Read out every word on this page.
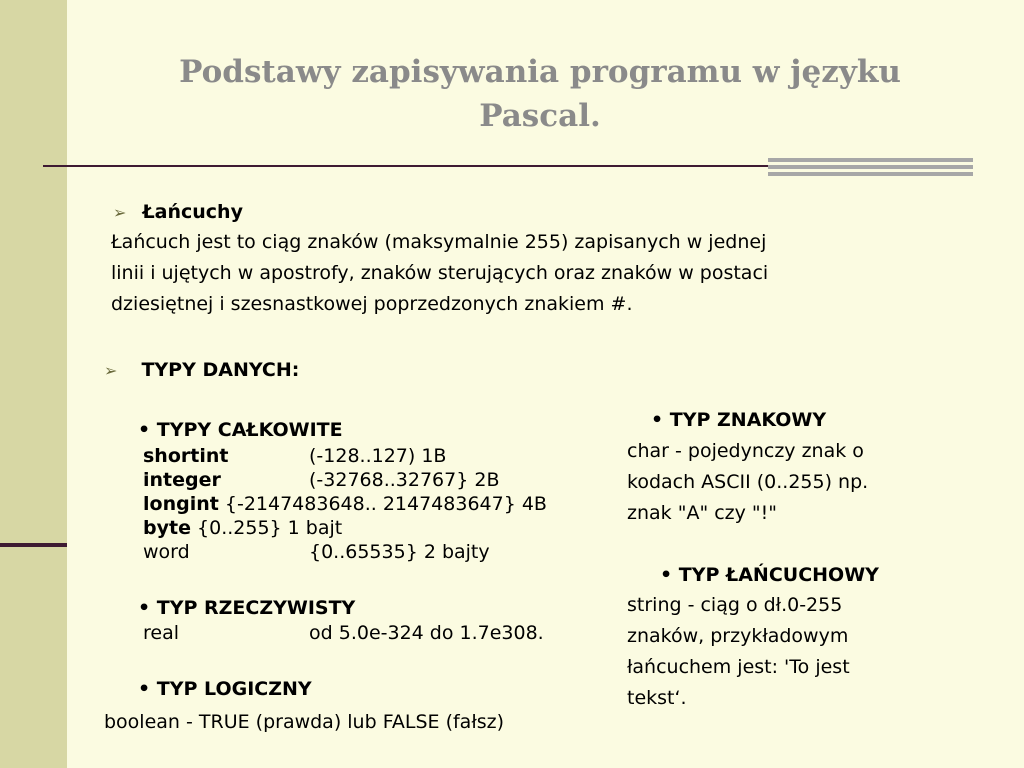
Podstawy zapisywania programu w języku
Pascal.
➢ Łańcuchy
Łańcuch jest to ciąg znaków (maksymalnie 255) zapisanych w jednej
linii i ujętych w apostrofy, znaków sterujących oraz znaków w postaci
dziesiętnej i szesnastkowej poprzedzonych znakiem #.
➢ TYPY DANYCH:
• TYPY CAŁKOWITE
shortint	(-128..127) 1B
integer	(-32768..32767} 2B
longint {-2147483648.. 2147483647} 4B
byte {0..255} 1 bajt
word	{0..65535} 2 bajty
• TYP RZECZYWISTY
real	od 5.0e-324 do 1.7e308.
• TYP LOGICZNY
boolean - TRUE (prawda) lub FALSE (fałsz)
• TYP ZNAKOWY
char - pojedynczy znak o
kodach ASCII (0..255) np.
znak "A" czy "!"
• TYP ŁAŃCUCHOWY
string - ciąg o dł.0-255
znaków, przykładowym
łańcuchem jest: 'To jest
tekst‘.
